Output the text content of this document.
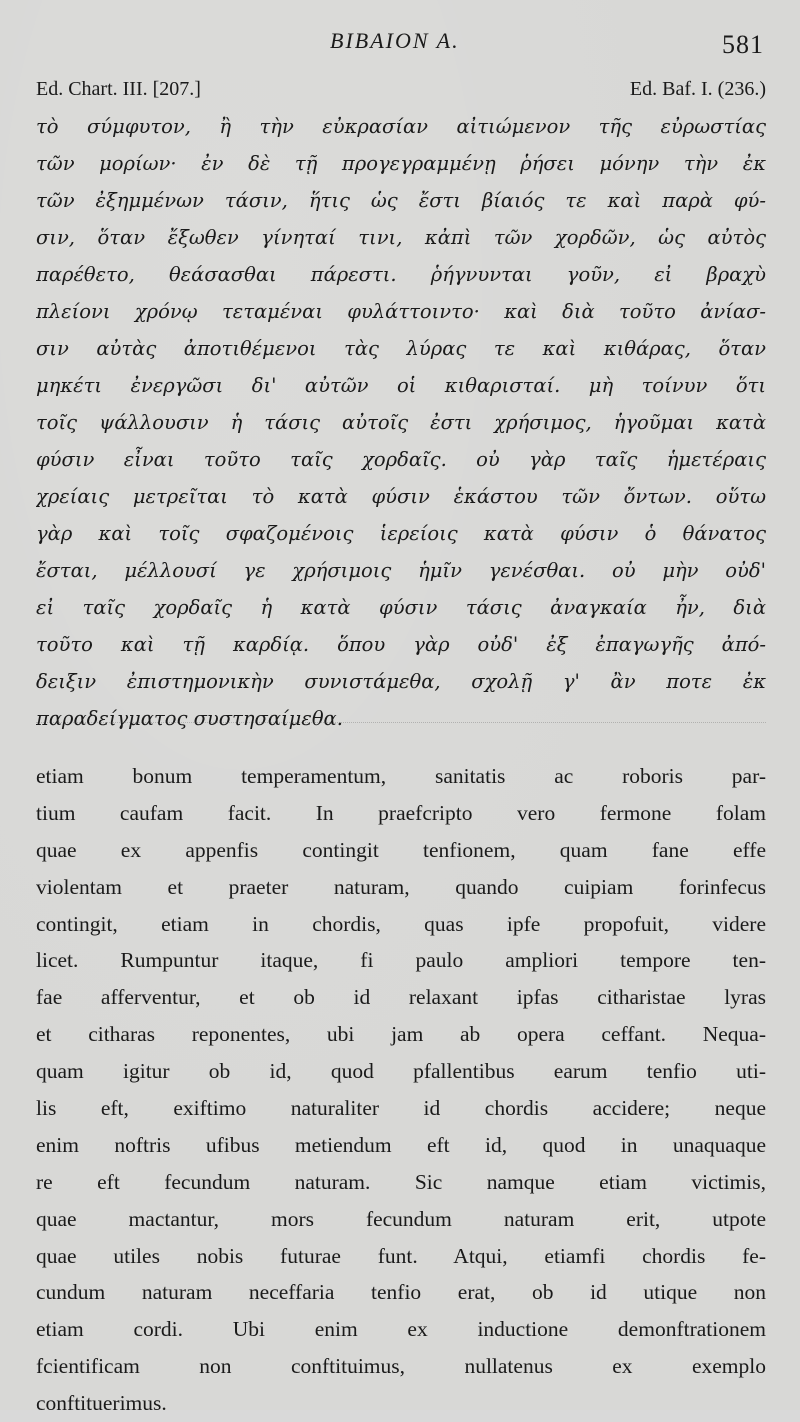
BIBAION A.	581
Ed. Chart. III. [207.]	Ed. Baf. I. (236.)
τὸ σύμφυτον, ἢ τὴν εὐκρασίαν αἰτιώμενον τῆς εὐρωστίας
τῶν μορίων· ἐν δὲ τῇ προγεγραμμένῃ ῥήσει μόνην τὴν ἐκ
τῶν ἐξημμένων τάσιν, ἥτις ὡς ἔστι βίαιός τε καὶ παρὰ φύ-
σιν, ὅταν ἔξωθεν γίνηταί τινι, κἀπὶ τῶν χορδῶν, ὡς αὐτὸς
παρέθετο, θεάσασθαι πάρεστι. ῥήγνυνται γοῦν, εἰ βραχὺ
πλείονι χρόνῳ τεταμέναι φυλάττοιντο· καὶ διὰ τοῦτο ἀνίασ-
σιν αὐτὰς ἀποτιθέμενοι τὰς λύρας τε καὶ κιθάρας, ὅταν
μηκέτι ἐνεργῶσι δι' αὐτῶν οἱ κιθαρισταί. μὴ τοίνυν ὅτι
τοῖς ψάλλουσιν ἡ τάσις αὐτοῖς ἐστι χρήσιμος, ἡγοῦμαι κατὰ
φύσιν εἶναι τοῦτο ταῖς χορδαῖς. οὐ γὰρ ταῖς ἡμετέραις
χρείαις μετρεῖται τὸ κατὰ φύσιν ἑκάστου τῶν ὄντων. οὕτω
γὰρ καὶ τοῖς σφαζομένοις ἱερείοις κατὰ φύσιν ὁ θάνατος
ἔσται, μέλλουσί γε χρήσιμοις ἡμῖν γενέσθαι. οὐ μὴν οὐδ'
εἰ ταῖς χορδαῖς ἡ κατὰ φύσιν τάσις ἀναγκαία ἦν, διὰ
τοῦτο καὶ τῇ καρδίᾳ. ὅπου γὰρ οὐδ' ἐξ ἐπαγωγῆς ἀπό-
δειξιν ἐπιστημονικὴν συνιστάμεθα, σχολῇ γ' ἂν ποτε ἐκ
παραδείγματος συστησαίμεθα.
etiam bonum temperamentum, sanitatis ac roboris par-
tium caufam facit. In praefcripto vero fermone folam
quae ex appenfis contingit tenfionem, quam fane effe
violentam et praeter naturam, quando cuipiam forinfecus
contingit, etiam in chordis, quas ipfe propofuit, videre
licet. Rumpuntur itaque, fi paulo ampliori tempore ten-
fae afferventur, et ob id relaxant ipfas citharistae lyras
et citharas reponentes, ubi jam ab opera ceffant. Nequa-
quam igitur ob id, quod pfallentibus earum tenfio uti-
lis eft, exiftimo naturaliter id chordis accidere; neque
enim noftris ufibus metiendum eft id, quod in unaquaque
re eft fecundum naturam. Sic namque etiam victimis,
quae mactantur, mors fecundum naturam erit, utpote
quae utiles nobis futurae funt. Atqui, etiamfi chordis fe-
cundum naturam neceffaria tenfio erat, ob id utique non
etiam cordi. Ubi enim ex inductione demonftrationem
fcientificam non conftituimus, nullatenus ex exemplo
conftituerimus.
